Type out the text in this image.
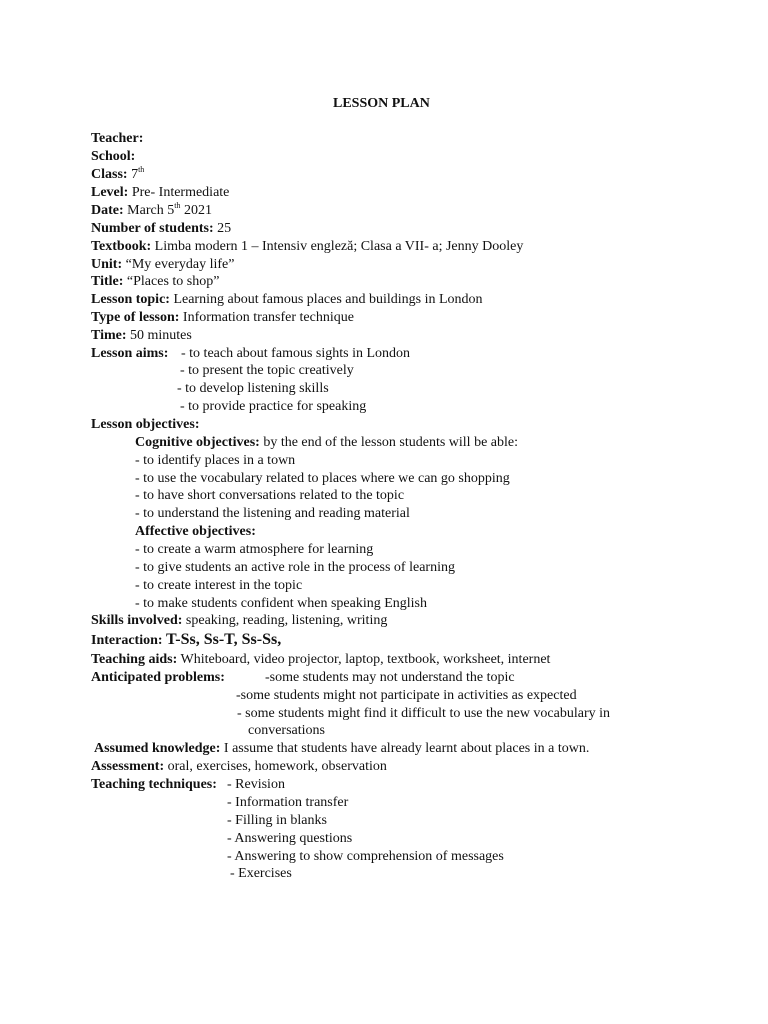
LESSON PLAN
Teacher:
School:
Class: 7th
Level: Pre- Intermediate
Date: March 5th 2021
Number of students: 25
Textbook: Limba modern 1 – Intensiv engleză; Clasa a VII- a; Jenny Dooley
Unit: “My everyday life”
Title: “Places to shop”
Lesson topic: Learning about famous places and buildings in London
Type of lesson: Information transfer technique
Time: 50 minutes
Lesson aims: - to teach about famous sights in London
- to present the topic creatively
- to develop listening skills
- to provide practice for speaking
Lesson objectives:
Cognitive objectives: by the end of the lesson students will be able:
- to identify places in a town
- to use the vocabulary related to places where we can go shopping
- to have short conversations related to the topic
- to understand the listening and reading material
Affective objectives:
- to create a warm atmosphere for learning
- to give students an active role in the process of learning
- to create interest in the topic
- to make students confident when speaking English
Skills involved: speaking, reading, listening, writing
Interaction: T-Ss, Ss-T, Ss-Ss,
Teaching aids: Whiteboard, video projector, laptop, textbook, worksheet, internet
Anticipated problems:	-some students may not understand the topic
-some students might not participate in activities as expected
- some students might find it difficult to use the new vocabulary in
conversations
Assumed knowledge: I assume that students have already learnt about places in a town.
Assessment: oral, exercises, homework, observation
Teaching techniques: - Revision
- Information transfer
- Filling in blanks
- Answering questions
- Answering to show comprehension of messages
- Exercises
